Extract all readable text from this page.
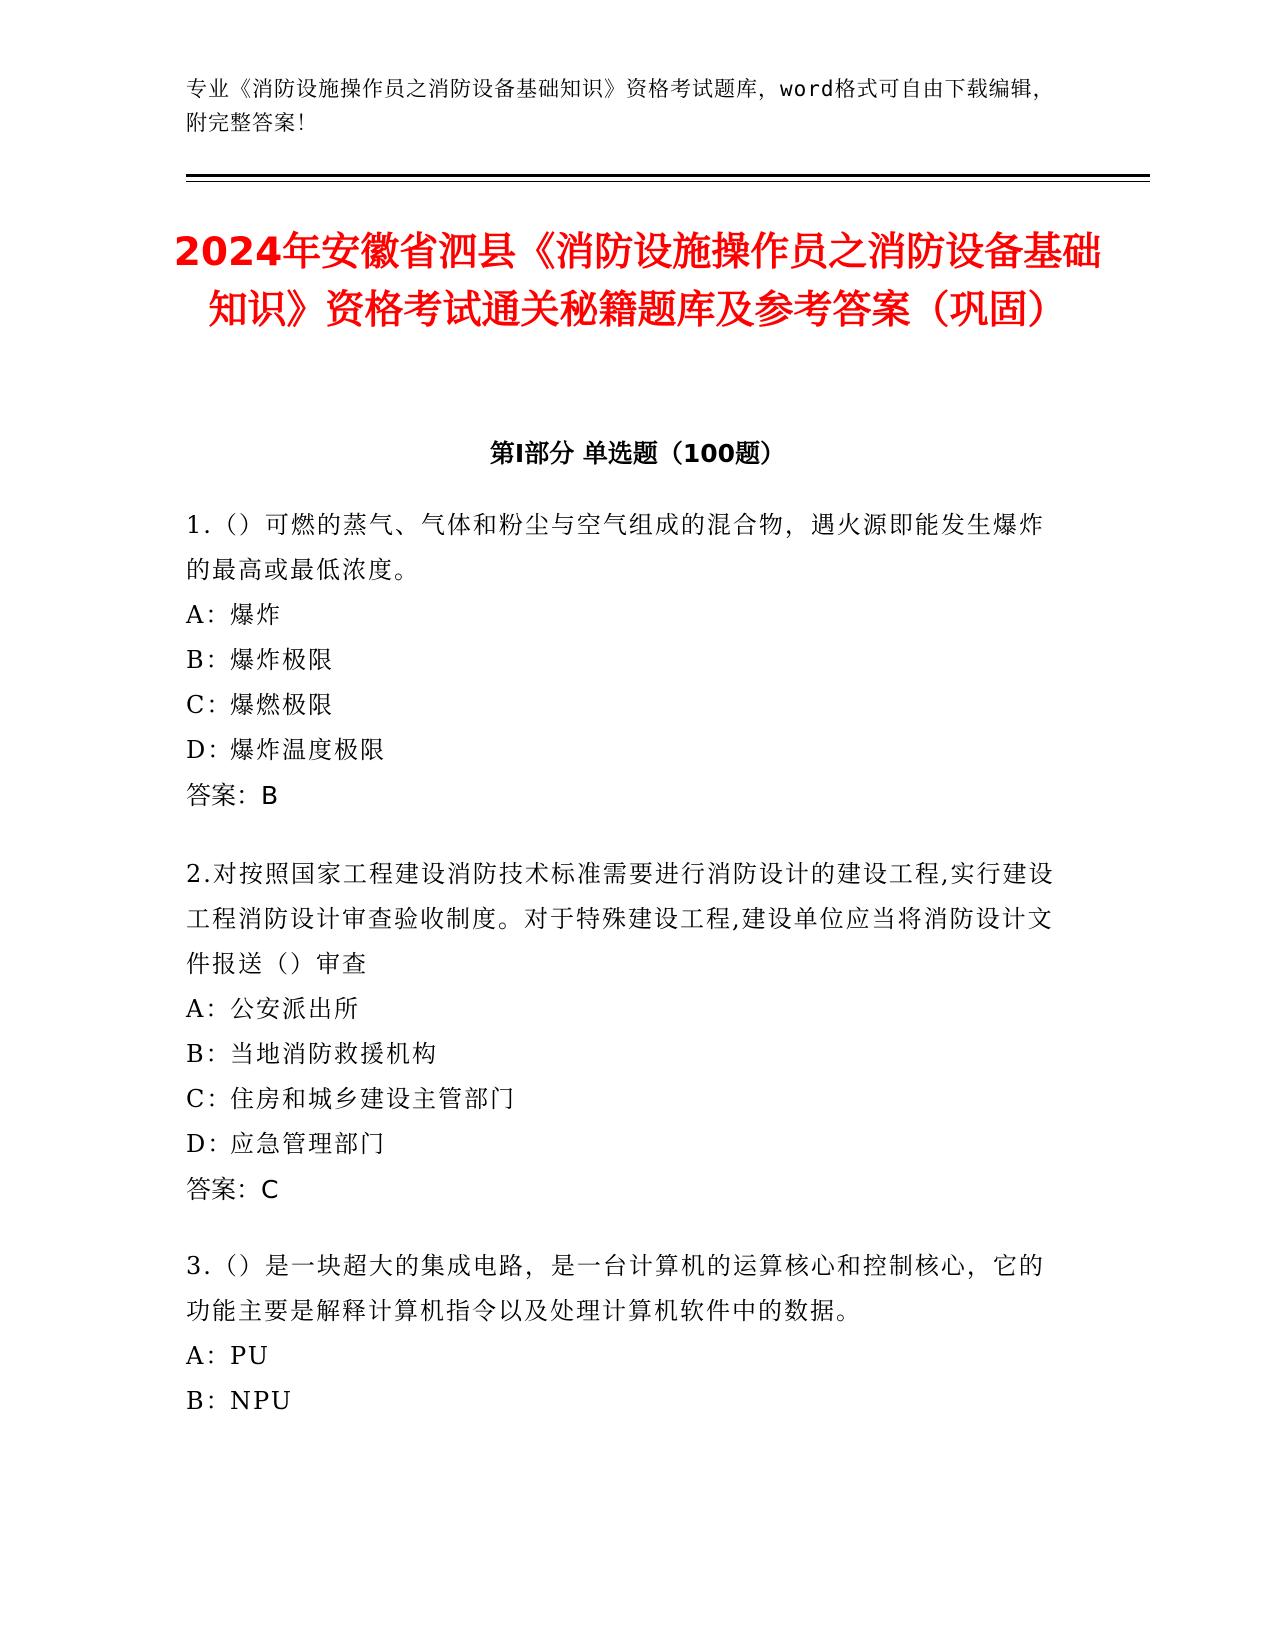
专业《消防设施操作员之消防设备基础知识》资格考试题库，word格式可自由下载编辑，附完整答案！
2024年安徽省泗县《消防设施操作员之消防设备基础知识》资格考试通关秘籍题库及参考答案（巩固）
第Ⅰ部分 单选题（100题）
1.（）可燃的蒸气、气体和粉尘与空气组成的混合物，遇火源即能发生爆炸的最高或最低浓度。
A：爆炸
B：爆炸极限
C：爆燃极限
D：爆炸温度极限
答案：B
2.对按照国家工程建设消防技术标准需要进行消防设计的建设工程,实行建设工程消防设计审查验收制度。对于特殊建设工程,建设单位应当将消防设计文件报送（）审查
A：公安派出所
B：当地消防救援机构
C：住房和城乡建设主管部门
D：应急管理部门
答案：C
3.（）是一块超大的集成电路，是一台计算机的运算核心和控制核心，它的功能主要是解释计算机指令以及处理计算机软件中的数据。
A：PU
B：NPU
